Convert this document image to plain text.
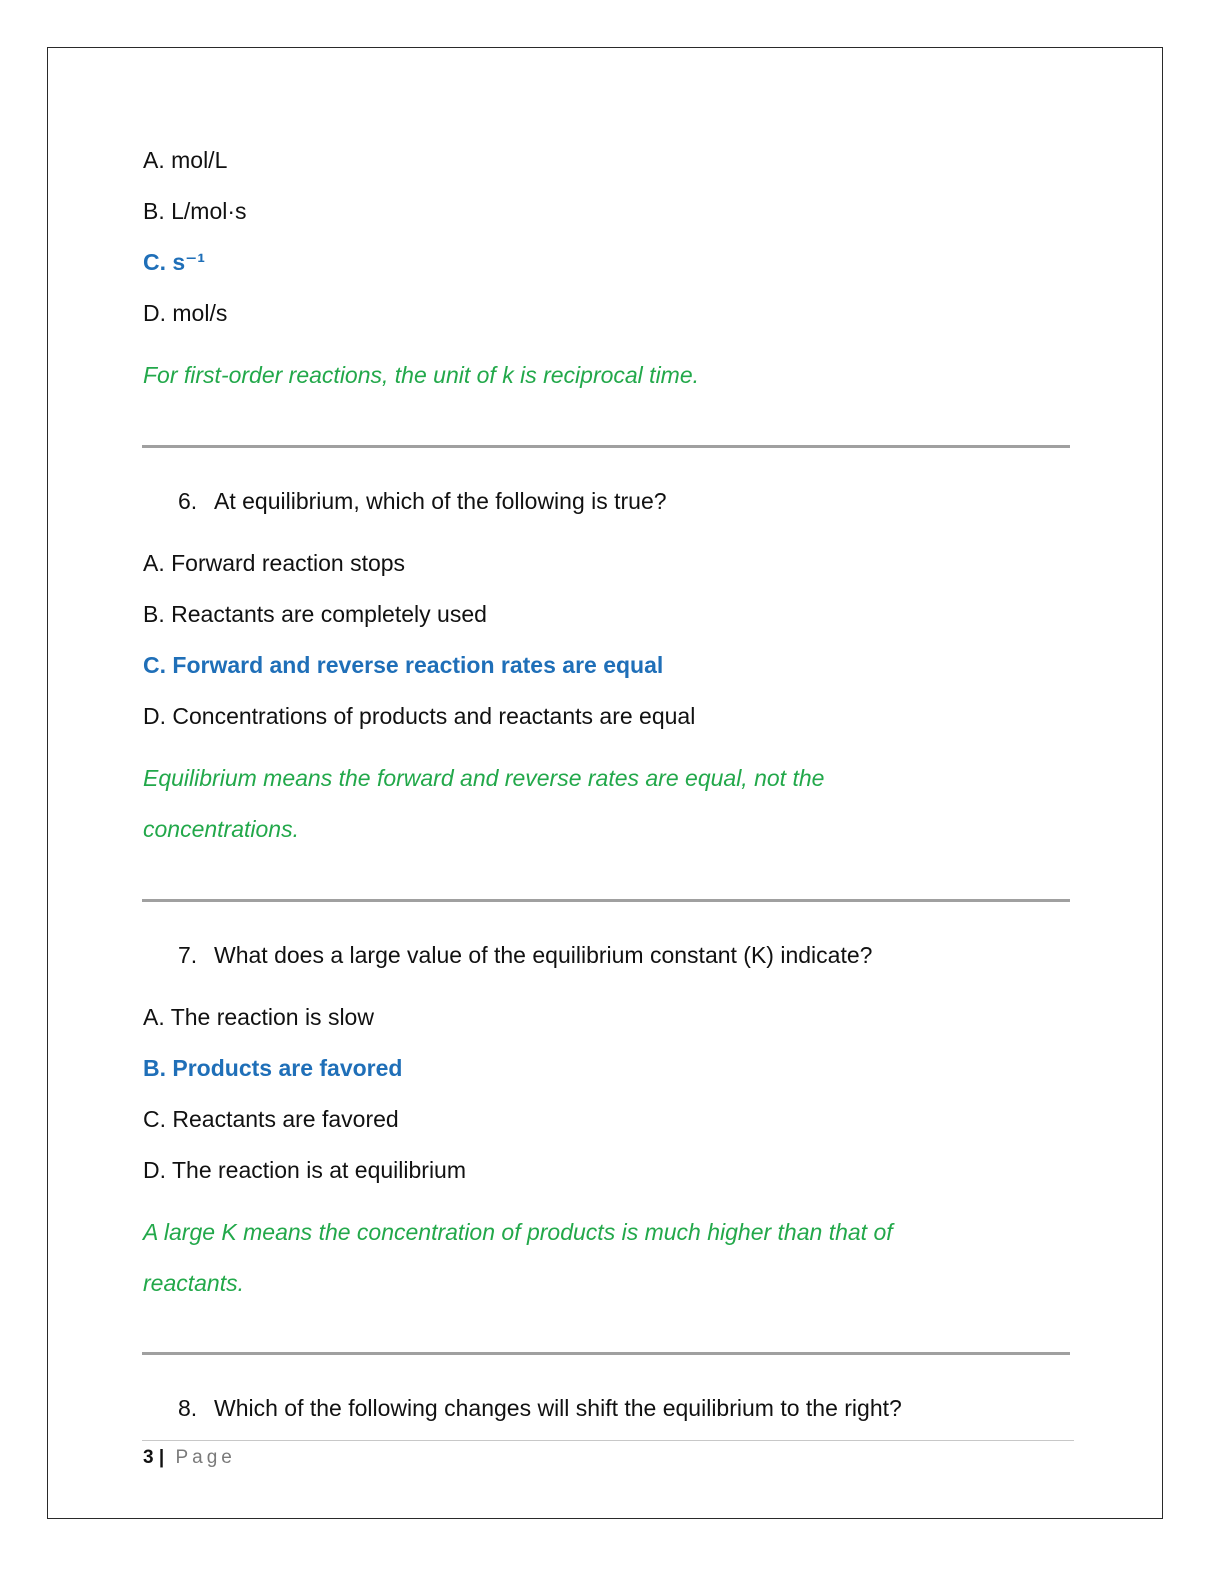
A. mol/L
B. L/mol·s
C. s⁻¹
D. mol/s
For first-order reactions, the unit of k is reciprocal time.
6. At equilibrium, which of the following is true?
A. Forward reaction stops
B. Reactants are completely used
C. Forward and reverse reaction rates are equal
D. Concentrations of products and reactants are equal
Equilibrium means the forward and reverse rates are equal, not the
concentrations.
7. What does a large value of the equilibrium constant (K) indicate?
A. The reaction is slow
B. Products are favored
C. Reactants are favored
D. The reaction is at equilibrium
A large K means the concentration of products is much higher than that of
reactants.
8. Which of the following changes will shift the equilibrium to the right?
3 | Page
